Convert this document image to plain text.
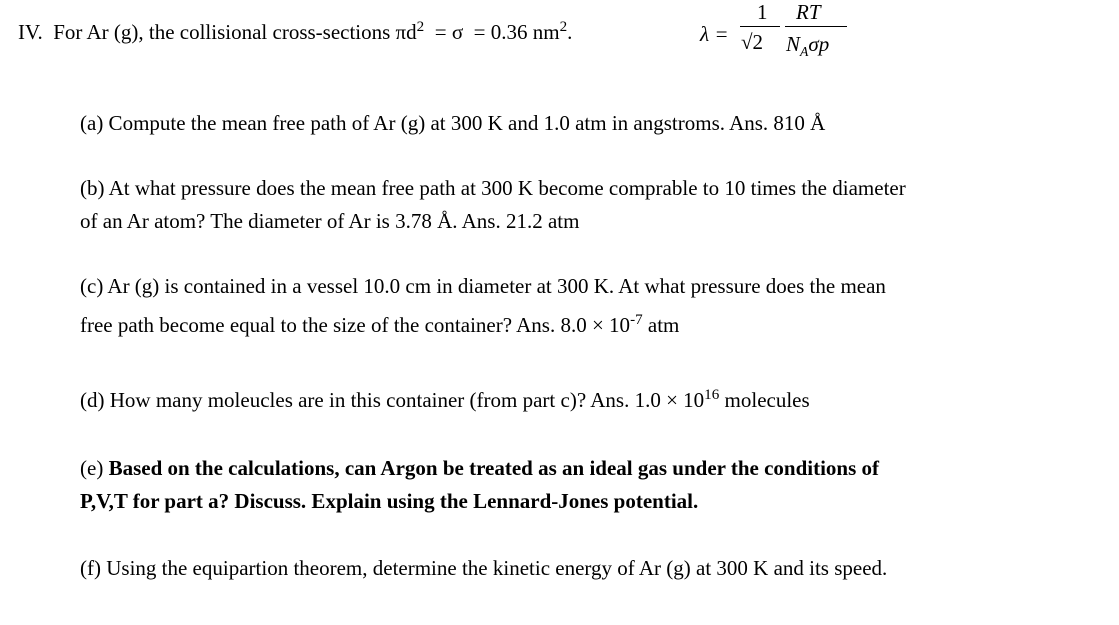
IV. For Ar (g), the collisional cross-sections $\pi d^2 = \sigma = 0.36$ $nm^2$.	λ =
1
√2
RT
$N_A\sigma p$
(a) Compute the mean free path of Ar (g) at 300 K and 1.0 atm in angstroms. Ans. 810 Å
(b) At what pressure does the mean free path at 300 K become comprable to 10 times the diameter
of an Ar atom? The diameter of Ar is 3.78 Å. Ans. 21.2 atm
(c) Ar (g) is contained in a vessel 10.0 cm in diameter at 300 K. At what pressure does the mean
free path become equal to the size of the container? Ans. $8.0 \times 10^{-7}$ atm
(d) How many moleucles are in this container (from part c)? Ans. $1.0 \times 10^{16}$ molecules
(e) Based on the calculations, can Argon be treated as an ideal gas under the conditions of
P,V,T for part a? Discuss. Explain using the Lennard-Jones potential.
(f) Using the equipartion theorem, determine the kinetic energy of Ar (g) at 300 K and its speed.
